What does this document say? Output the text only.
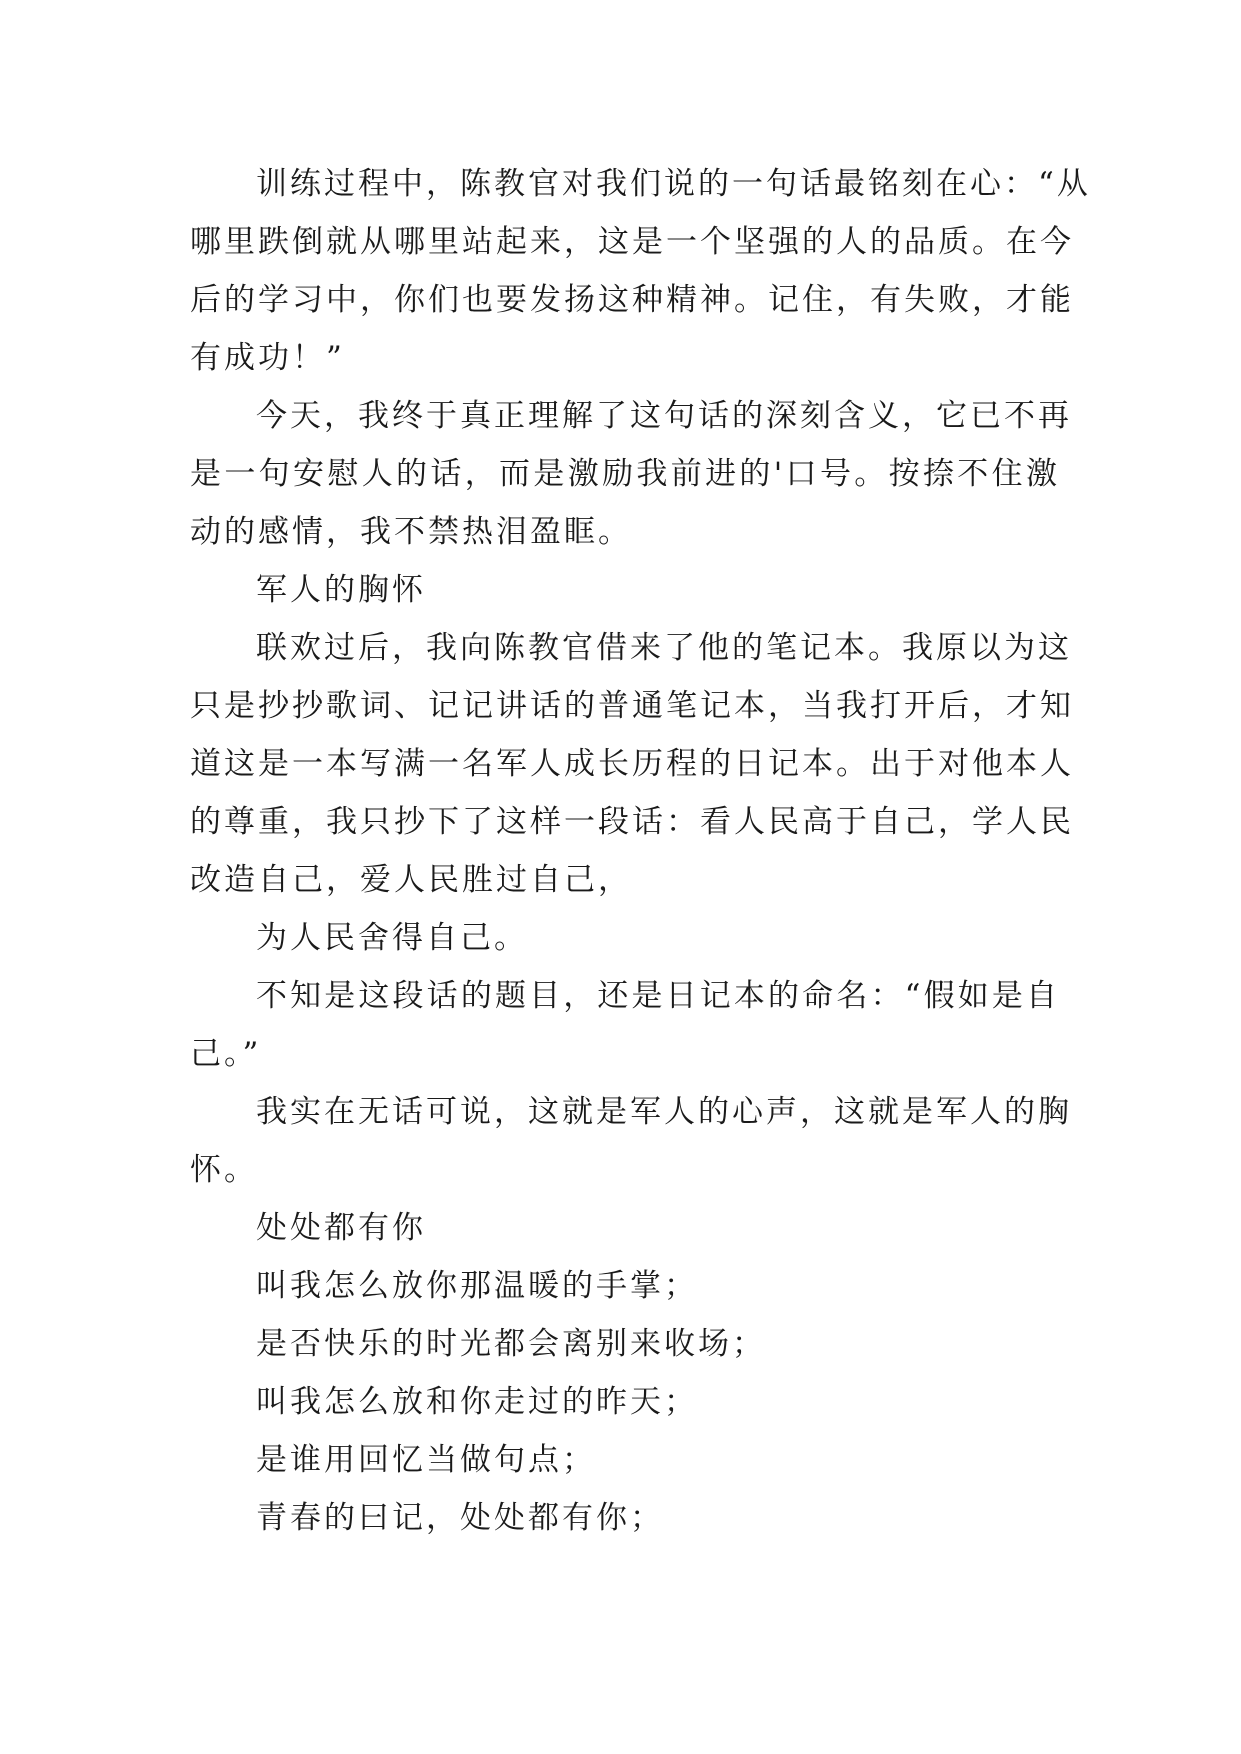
训练过程中，陈教官对我们说的一句话最铭刻在心：“从
哪里跌倒就从哪里站起来，这是一个坚强的人的品质。在今
后的学习中，你们也要发扬这种精神。记住，有失败，才能
有成功！”
今天，我终于真正理解了这句话的深刻含义，它已不再
是一句安慰人的话，而是激励我前进的'口号。按捺不住激
动的感情，我不禁热泪盈眶。
军人的胸怀
联欢过后，我向陈教官借来了他的笔记本。我原以为这
只是抄抄歌词、记记讲话的普通笔记本，当我打开后，才知
道这是一本写满一名军人成长历程的日记本。出于对他本人
的尊重，我只抄下了这样一段话：看人民高于自己，学人民
改造自己，爱人民胜过自己，
为人民舍得自己。
不知是这段话的题目，还是日记本的命名：“假如是自
己。”
我实在无话可说，这就是军人的心声，这就是军人的胸
怀。
处处都有你
叫我怎么放你那温暖的手掌；
是否快乐的时光都会离别来收场；
叫我怎么放和你走过的昨天；
是谁用回忆当做句点；
青春的曰记，处处都有你；
